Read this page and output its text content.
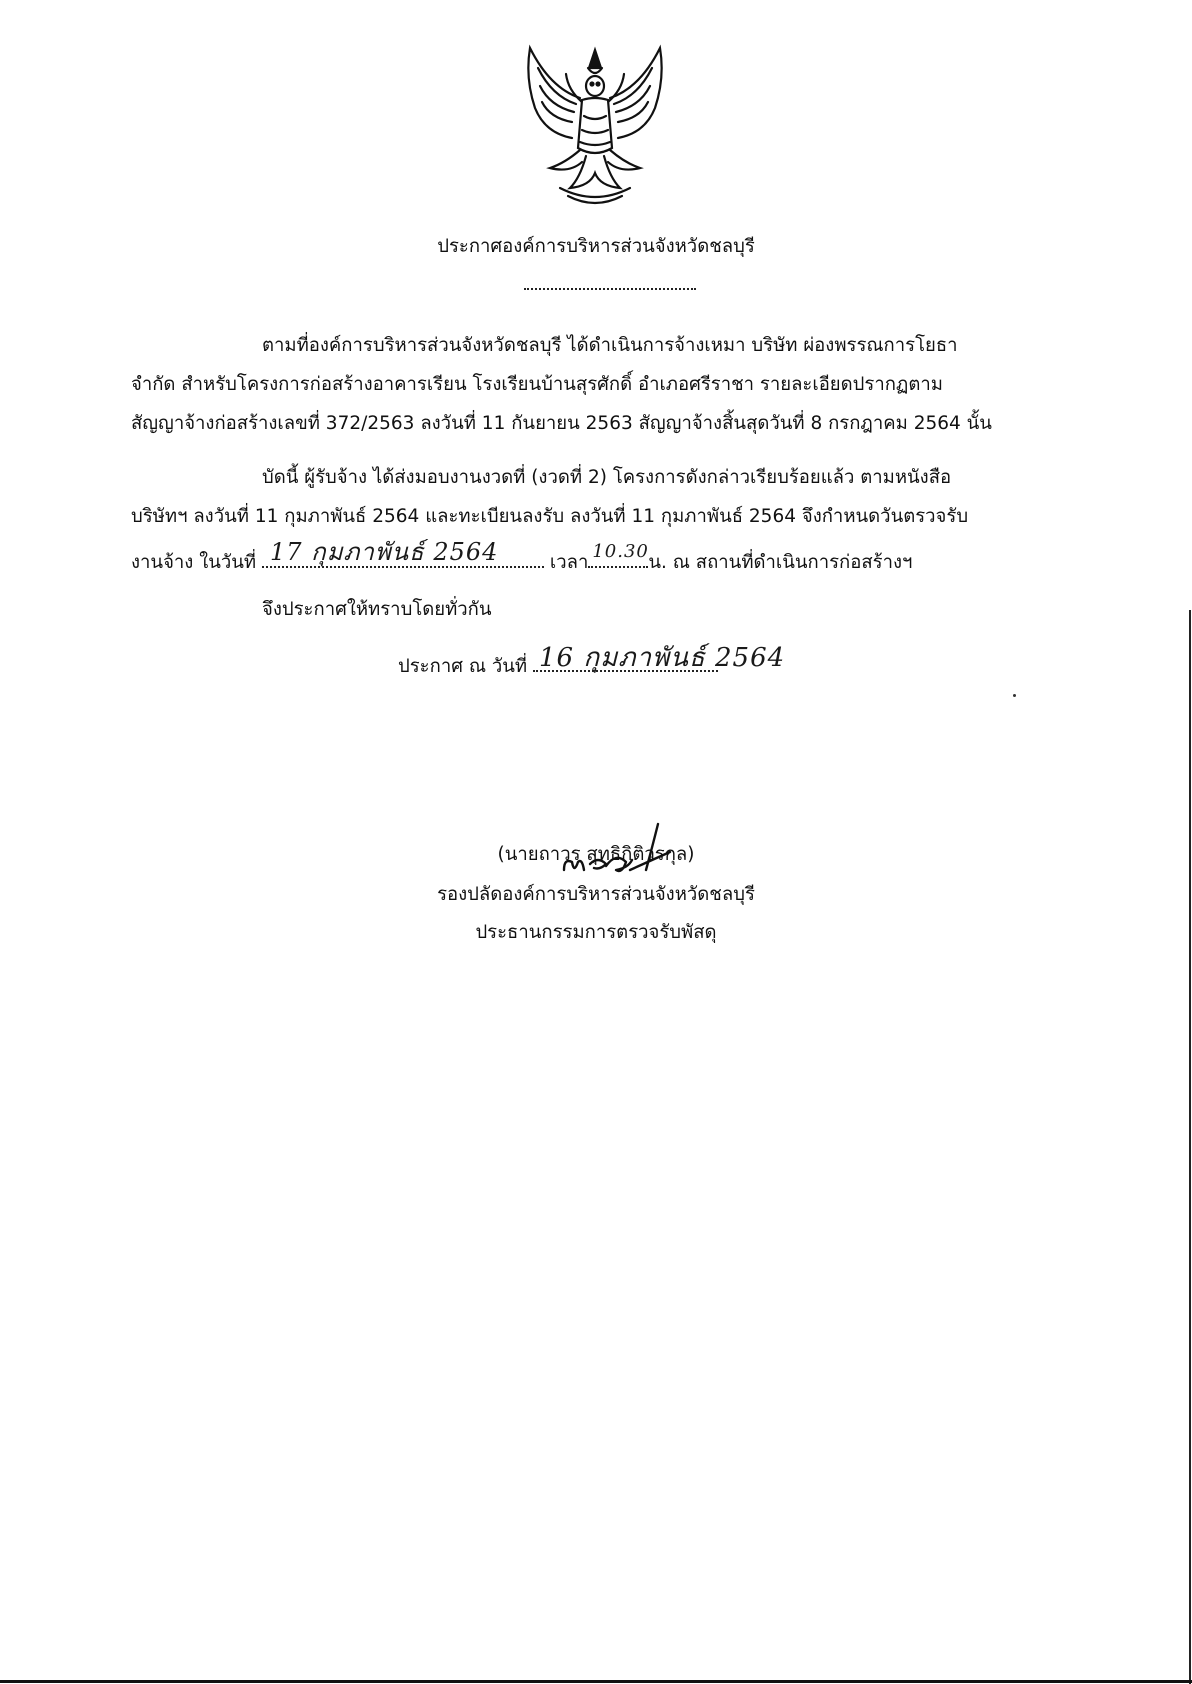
ประกาศองค์การบริหารส่วนจังหวัดชลบุรี
ตามที่องค์การบริหารส่วนจังหวัดชลบุรี ได้ดำเนินการจ้างเหมา บริษัท ผ่องพรรณการโยธา
จำกัด สำหรับโครงการก่อสร้างอาคารเรียน โรงเรียนบ้านสุรศักดิ์ อำเภอศรีราชา รายละเอียดปรากฏตาม
สัญญาจ้างก่อสร้างเลขที่ 372/2563 ลงวันที่ 11 กันยายน 2563 สัญญาจ้างสิ้นสุดวันที่ 8 กรกฎาคม 2564 นั้น
บัดนี้ ผู้รับจ้าง ได้ส่งมอบงานงวดที่ (งวดที่ 2) โครงการดังกล่าวเรียบร้อยแล้ว ตามหนังสือ
บริษัทฯ ลงวันที่ 11 กุมภาพันธ์ 2564 และทะเบียนลงรับ ลงวันที่ 11 กุมภาพันธ์ 2564 จึงกำหนดวันตรวจรับ
งานจ้าง ในวันที่ 17 กุมภาพันธ์ 2564	เวลา
10.30
น. ณ สถานที่ดำเนินการก่อสร้างฯ
จึงประกาศให้ทราบโดยทั่วกัน
ประกาศ ณ วันที่ 16 กุมภาพันธ์ 2564
(นายถาวร สุทธิกิติวรกุล)
รองปลัดองค์การบริหารส่วนจังหวัดชลบุรี
ประธานกรรมการตรวจรับพัสดุ
